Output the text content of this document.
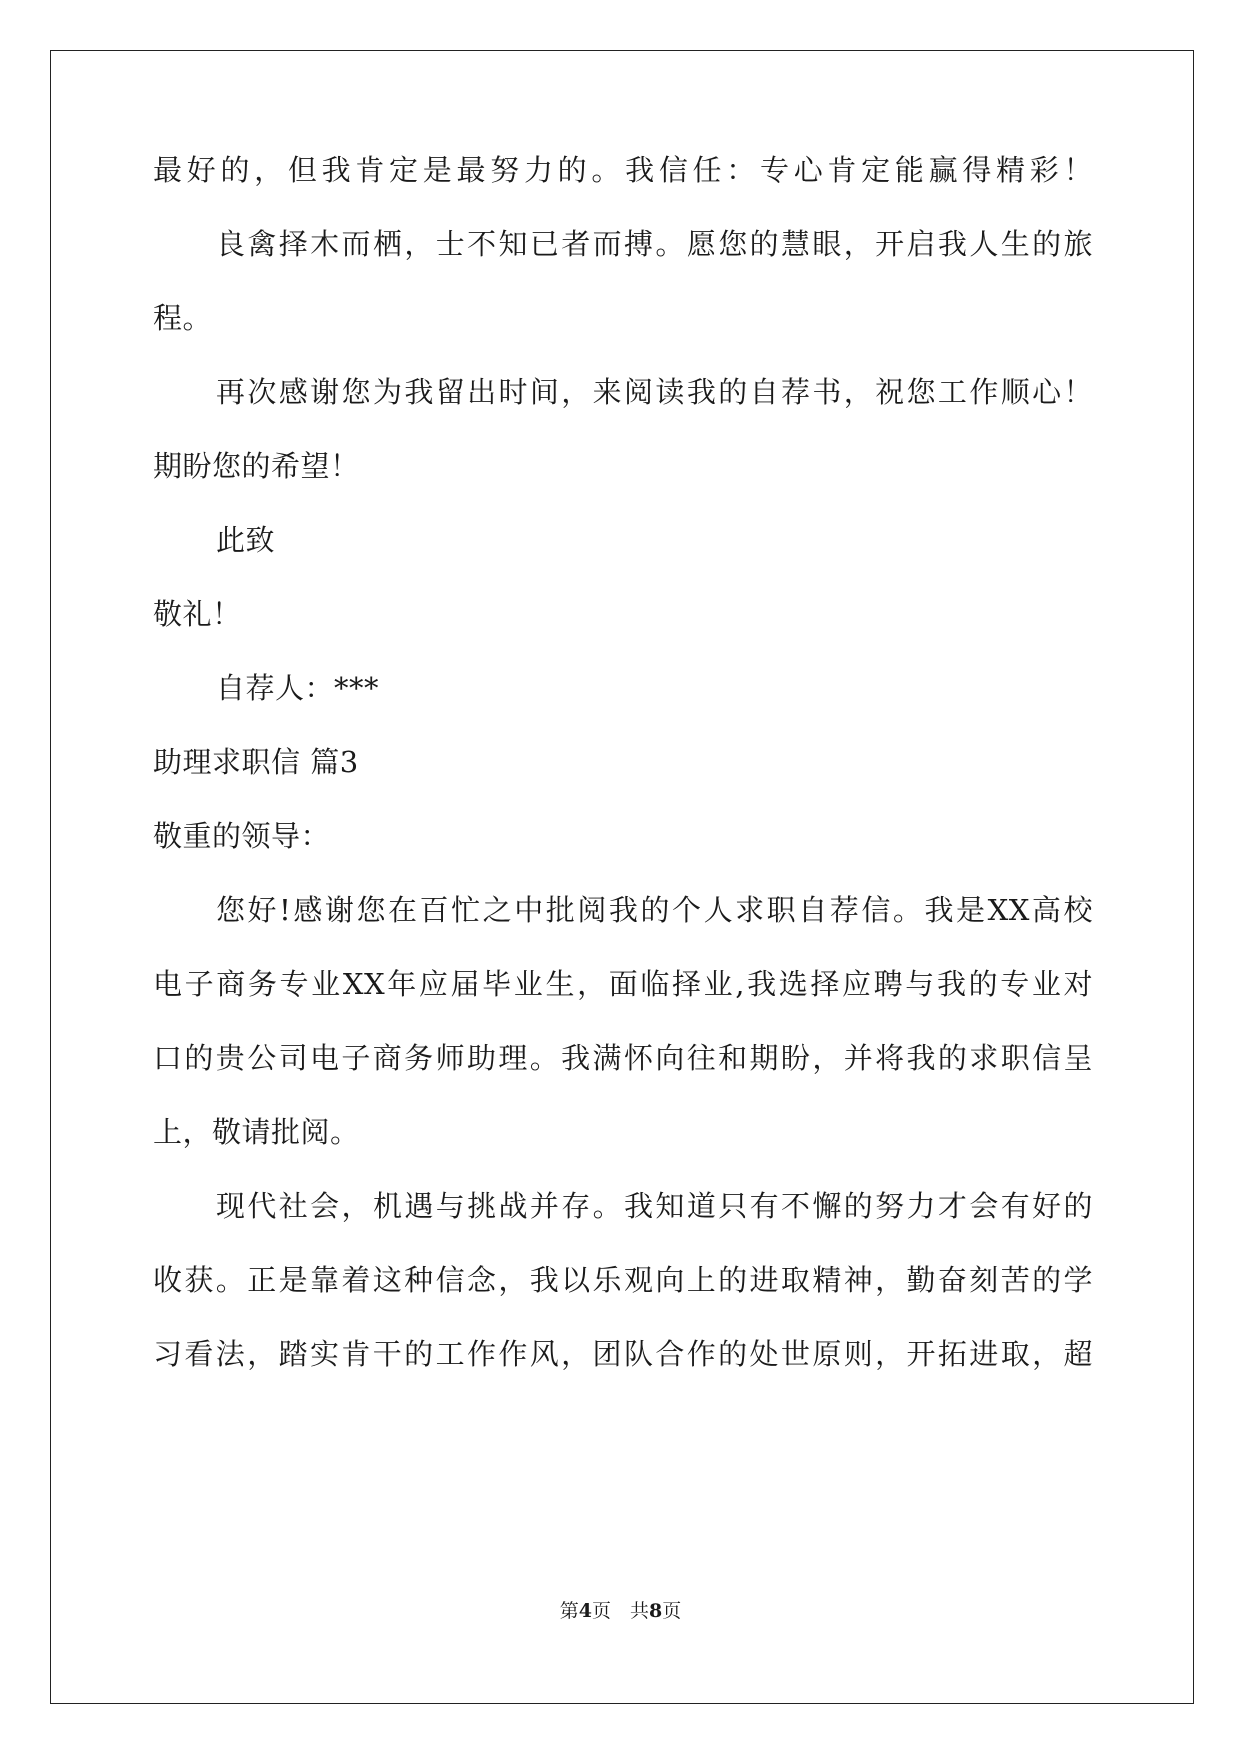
最好的，但我肯定是最努力的。我信任：专心肯定能赢得精彩！
良禽择木而栖，士不知已者而搏。愿您的慧眼，开启我人生的旅
程。
再次感谢您为我留出时间，来阅读我的自荐书，祝您工作顺心！
期盼您的希望！
此致
敬礼！
自荐人：***
助理求职信 篇3
敬重的领导：
您好!感谢您在百忙之中批阅我的个人求职自荐信。我是XX高校
电子商务专业XX年应届毕业生，面临择业,我选择应聘与我的专业对
口的贵公司电子商务师助理。我满怀向往和期盼，并将我的求职信呈
上，敬请批阅。
现代社会，机遇与挑战并存。我知道只有不懈的努力才会有好的
收获。正是靠着这种信念，我以乐观向上的进取精神，勤奋刻苦的学
习看法，踏实肯干的工作作风，团队合作的处世原则，开拓进取，超
第4页　共8页
